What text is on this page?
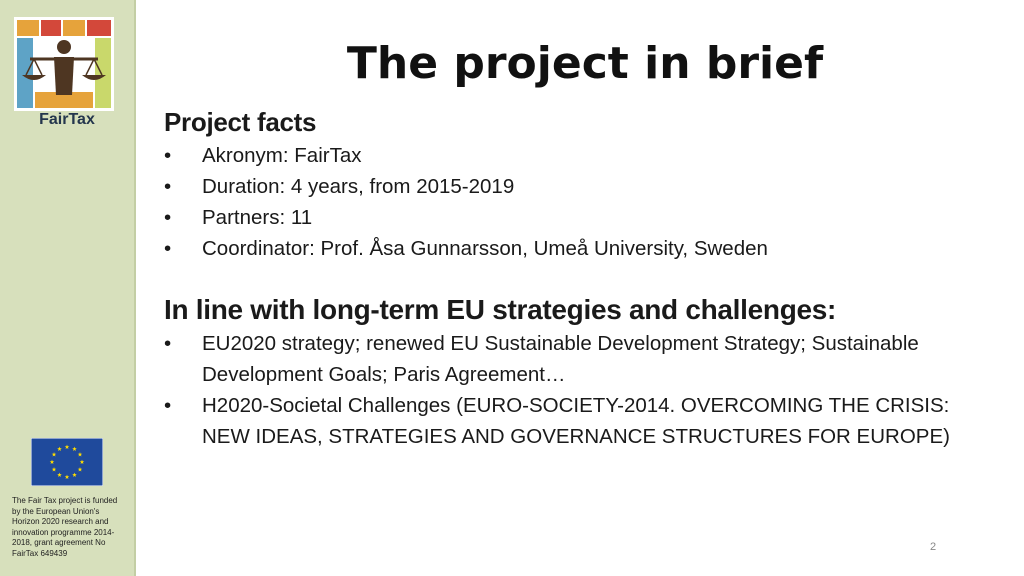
FairTax
The Fair Tax project is funded by the European Union's Horizon 2020 research and innovation programme 2014-2018, grant agreement No FairTax 649439
The project in brief
Project facts
• Akronym: FairTax
• Duration: 4 years, from 2015-2019
• Partners: 11
• Coordinator: Prof. Åsa Gunnarsson, Umeå University, Sweden
In line with long-term EU strategies and challenges:
• EU2020 strategy; renewed EU Sustainable Development Strategy; Sustainable Development Goals; Paris Agreement…
• H2020-Societal Challenges (EURO-SOCIETY-2014. OVERCOMING THE CRISIS: NEW IDEAS, STRATEGIES AND GOVERNANCE STRUCTURES FOR EUROPE)
2
